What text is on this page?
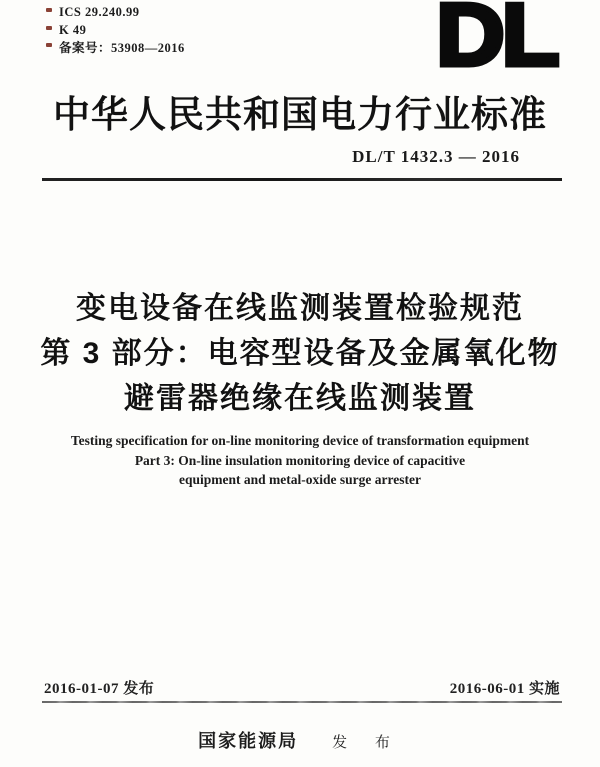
ICS 29.240.99
K 49
备案号：53908—2016	DL
中华人民共和国电力行业标准
DL/T 1432.3 — 2016
变电设备在线监测装置检验规范
第 3 部分：电容型设备及金属氧化物
避雷器绝缘在线监测装置
Testing specification for on-line monitoring device of transformation equipment
Part 3: On-line insulation monitoring device of capacitive
equipment and metal-oxide surge arrester
2016-01-07 发布	2016-06-01 实施
国家能源局 发 布
